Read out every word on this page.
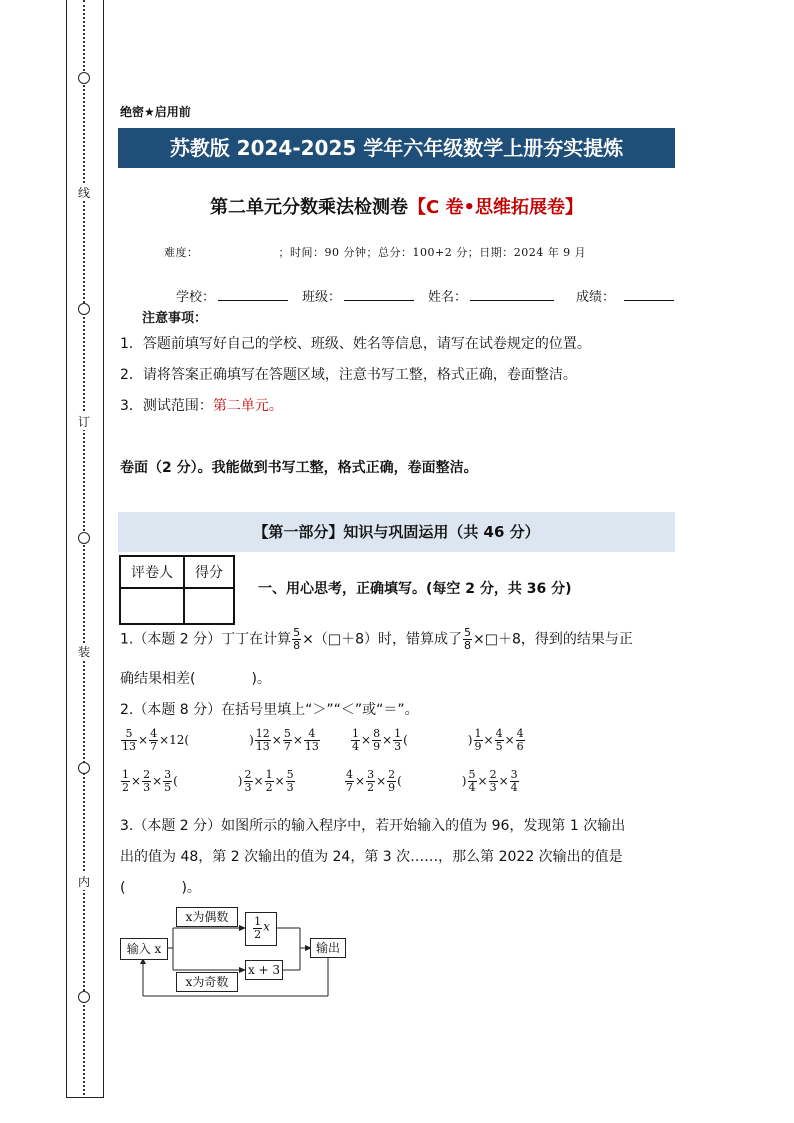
线
订
装
内
绝密★启用前
苏教版 2024-2025 学年六年级数学上册夯实提炼
第二单元分数乘法检测卷【C 卷•思维拓展卷】
难度：	；时间：90 分钟；总分：100+2 分；日期：2024 年 9 月
学校：	班级：	姓名：	成绩：
注意事项：
1．答题前填写好自己的学校、班级、姓名等信息，请写在试卷规定的位置。
2．请将答案正确填写在答题区域，注意书写工整，格式正确，卷面整洁。
3．测试范围：第二单元。
卷面（2 分）。我能做到书写工整，格式正确，卷面整洁。
【第一部分】知识与巩固运用（共 46 分）
评卷人	得分

一、用心思考，正确填写。(每空 2 分，共 36 分)
1.（本题 2 分）丁丁在计算 $\frac{5}{8}$ ×（□＋8）时，错算成了 $\frac{5}{8}$ ×□＋8，得到的结果与正
确结果相差(　　　　)。
2.（本题 8 分）在括号里填上“＞”“＜”或“＝”。
$\frac{5}{13} \times \frac{4}{7} \times 12$(　　　　　) $\frac{12}{13} \times \frac{5}{7} \times \frac{4}{13}$	$\frac{1}{4} \times \frac{8}{9} \times \frac{1}{3}$ (　　　　　) $\frac{1}{9} \times \frac{4}{5} \times \frac{4}{6}$
$\frac{1}{2} \times \frac{2}{3} \times \frac{3}{5}$ (　　　　　) $\frac{2}{3} \times \frac{1}{2} \times \frac{5}{3}$	$\frac{4}{7} \times \frac{3}{2} \times \frac{2}{9}$ (　　　　　) $\frac{5}{4} \times \frac{2}{3} \times \frac{3}{4}$
3.（本题 2 分）如图所示的输入程序中，若开始输入的值为 96，发现第 1 次输出
出的值为 48，第 2 次输出的值为 24，第 3 次……，那么第 2022 次输出的值是
(　　　　)。
输入 x
x为偶数	$\frac{1}{2}$ x
x + 3
x为奇数
输出
